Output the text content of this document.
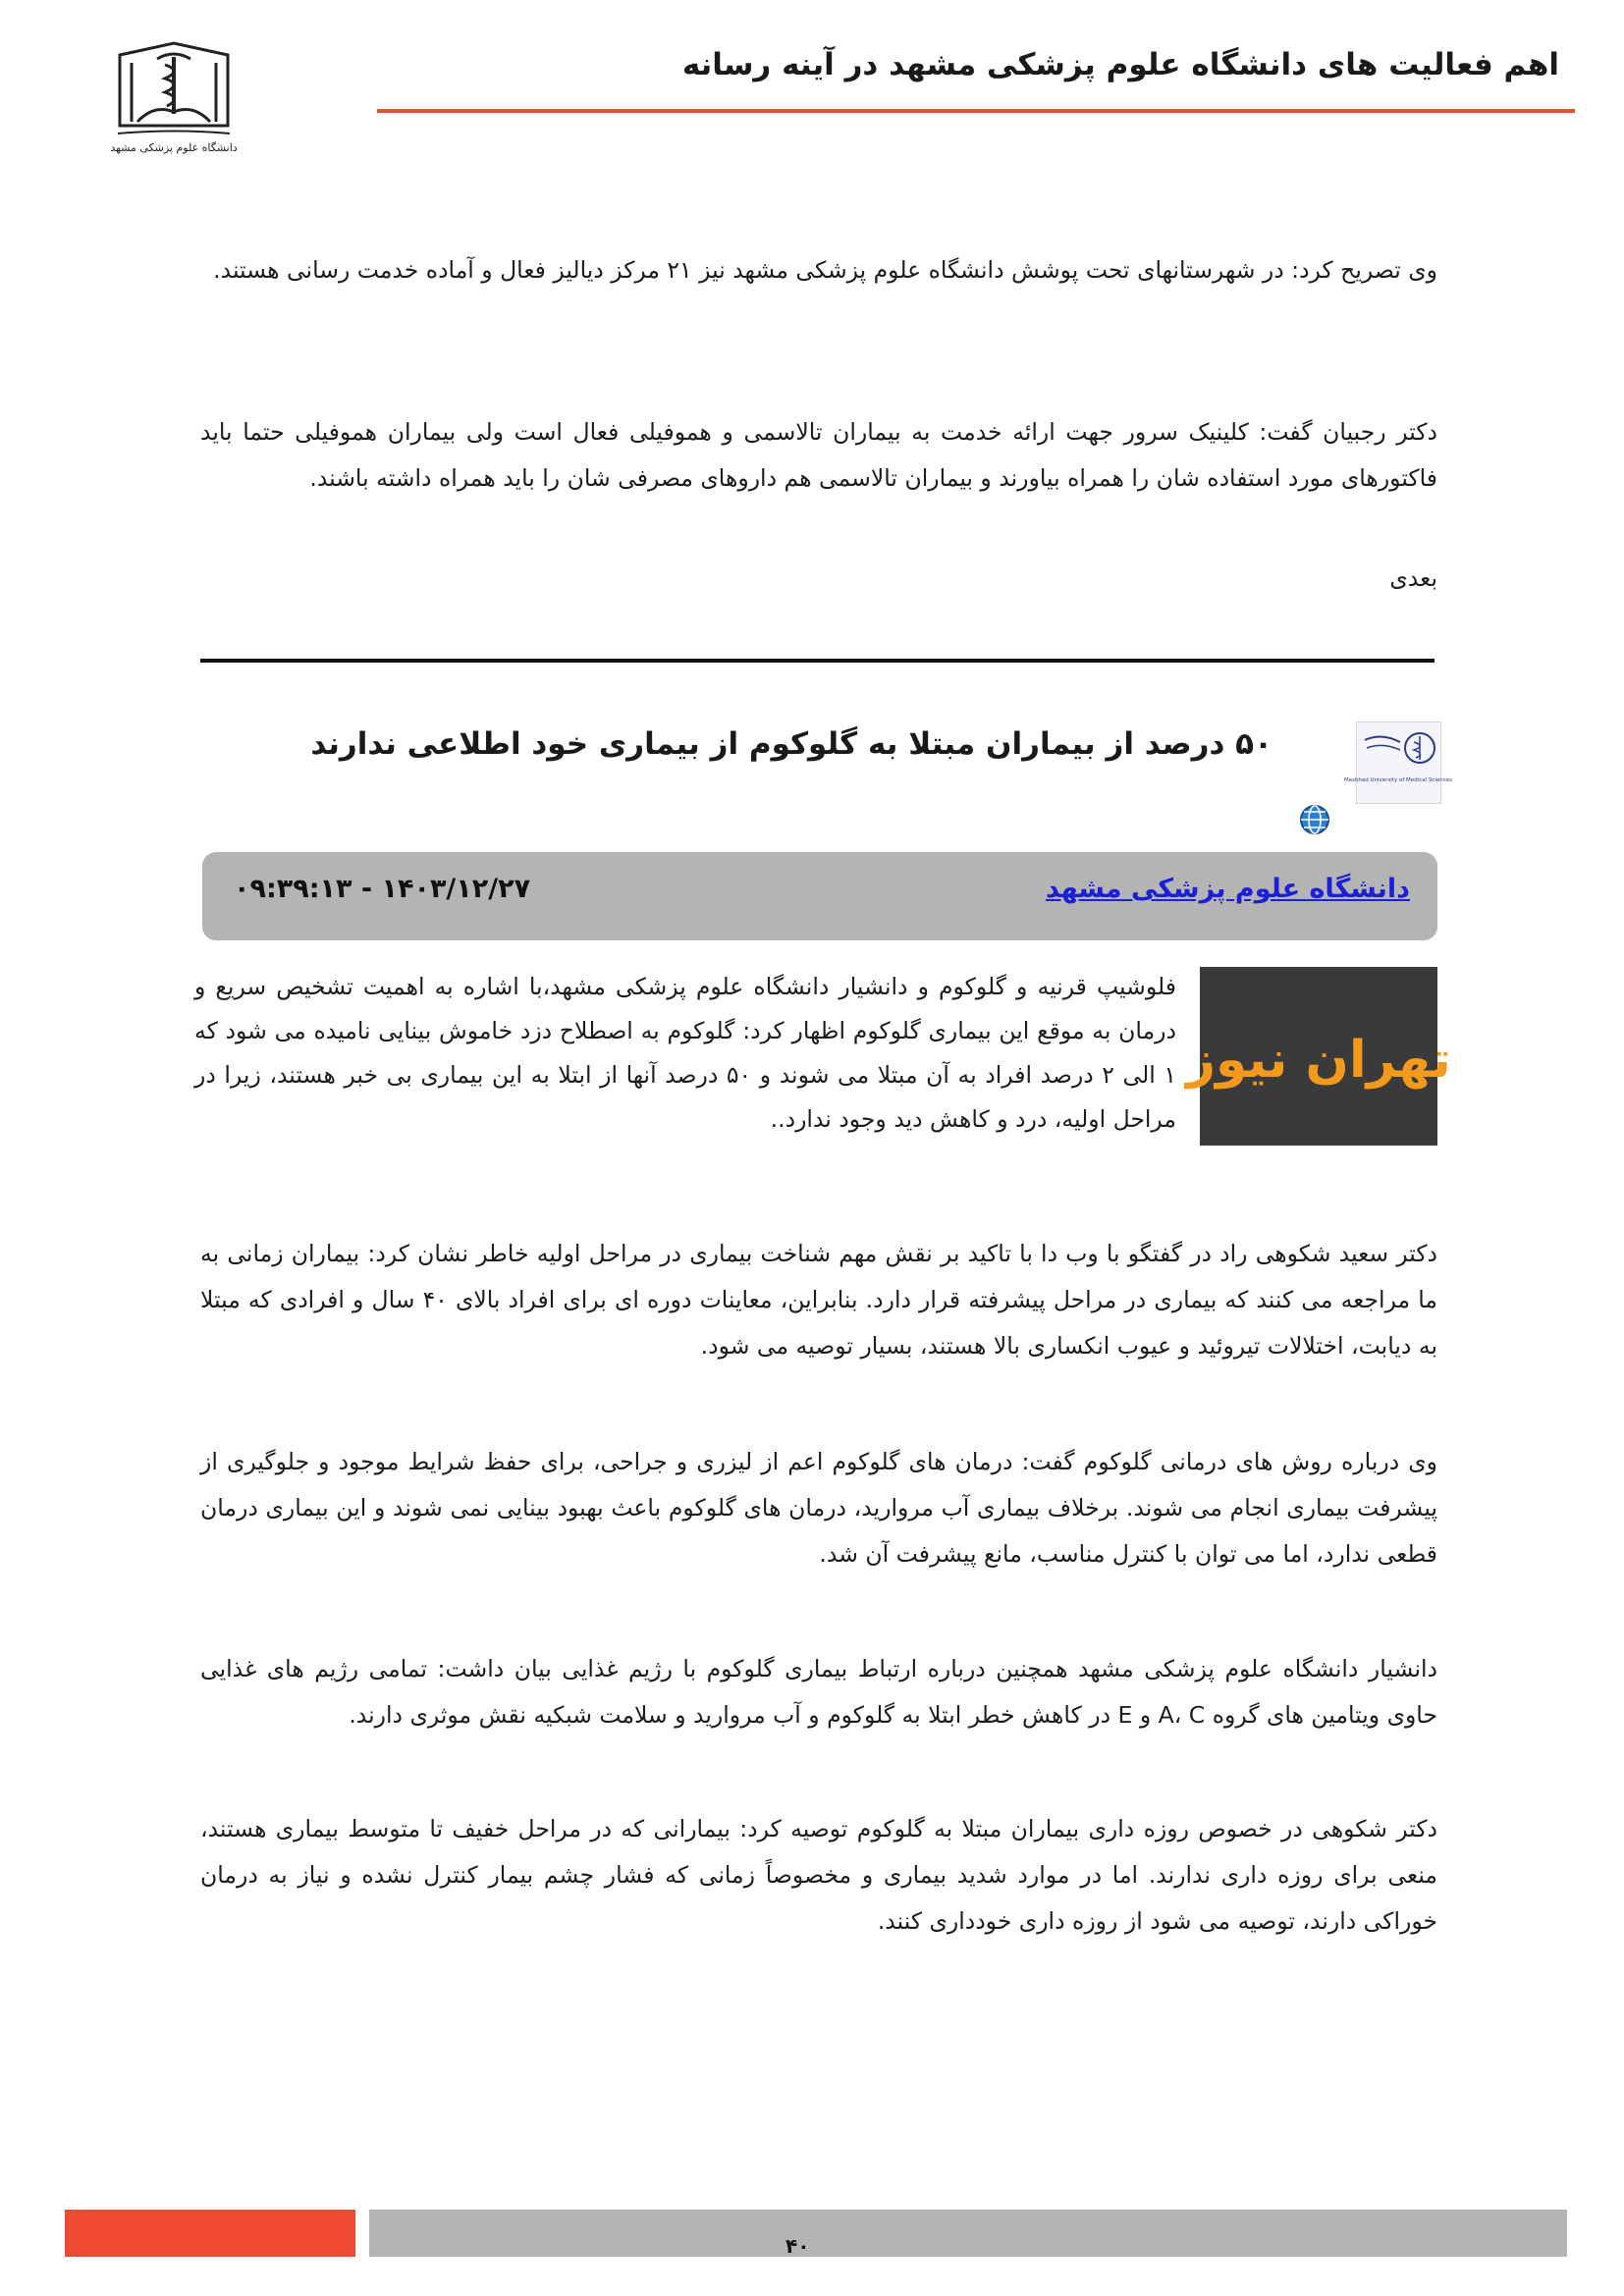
اهم فعالیت های دانشگاه علوم پزشکی مشهد در آینه رسانه
دانشگاه علوم پزشکی مشهد
وی تصریح کرد: در شهرستانهای تحت پوشش دانشگاه علوم پزشکی مشهد نیز ۲۱ مرکز دیالیز فعال و آماده خدمت رسانی هستند.
دکتر رجبیان گفت: کلینیک سرور جهت ارائه خدمت به بیماران تالاسمی و هموفیلی فعال است ولی بیماران هموفیلی حتما باید فاکتورهای مورد استفاده شان را همراه بیاورند و بیماران تالاسمی هم داروهای مصرفی شان را باید همراه داشته باشند.
بعدی
Mashhad University of Medical Sciences
۵۰ درصد از بیماران مبتلا به گلوکوم از بیماری خود اطلاعی ندارند
دانشگاه علوم پزشکی مشهد
۱۴۰۳/۱۲/۲۷ - ۰۹:۳۹:۱۳
تهران نیوز
فلوشیپ قرنیه و گلوکوم و دانشیار دانشگاه علوم پزشکی مشهد،با اشاره به اهمیت تشخیص سریع و درمان به موقع این بیماری گلوکوم اظهار کرد: گلوکوم به اصطلاح دزد خاموش بینایی نامیده می شود که ۱ الی ۲ درصد افراد به آن مبتلا می شوند و ۵۰ درصد آنها از ابتلا به این بیماری بی خبر هستند، زیرا در مراحل اولیه، درد و کاهش دید وجود ندارد..
دکتر سعید شکوهی راد در گفتگو با وب دا با تاکید بر نقش مهم شناخت بیماری در مراحل اولیه خاطر نشان کرد: بیماران زمانی به ما مراجعه می کنند که بیماری در مراحل پیشرفته قرار دارد. بنابراین، معاینات دوره ای برای افراد بالای ۴۰ سال و افرادی که مبتلا به دیابت، اختلالات تیروئید و عیوب انکساری بالا هستند، بسیار توصیه می شود.
وی درباره روش های درمانی گلوکوم گفت: درمان های گلوکوم اعم از لیزری و جراحی، برای حفظ شرایط موجود و جلوگیری از پیشرفت بیماری انجام می شوند. برخلاف بیماری آب مروارید، درمان های گلوکوم باعث بهبود بینایی نمی شوند و این بیماری درمان قطعی ندارد، اما می توان با کنترل مناسب، مانع پیشرفت آن شد.
دانشیار دانشگاه علوم پزشکی مشهد همچنین درباره ارتباط بیماری گلوکوم با رژیم غذایی بیان داشت: تمامی رژیم های غذایی حاوی ویتامین های گروه A، C و E در کاهش خطر ابتلا به گلوکوم و آب مروارید و سلامت شبکیه نقش موثری دارند.
دکتر شکوهی در خصوص روزه داری بیماران مبتلا به گلوکوم توصیه کرد: بیمارانی که در مراحل خفیف تا متوسط بیماری هستند، منعی برای روزه داری ندارند. اما در موارد شدید بیماری و مخصوصاً زمانی که فشار چشم بیمار کنترل نشده و نیاز به درمان خوراکی دارند، توصیه می شود از روزه داری خودداری کنند.
۴۰
